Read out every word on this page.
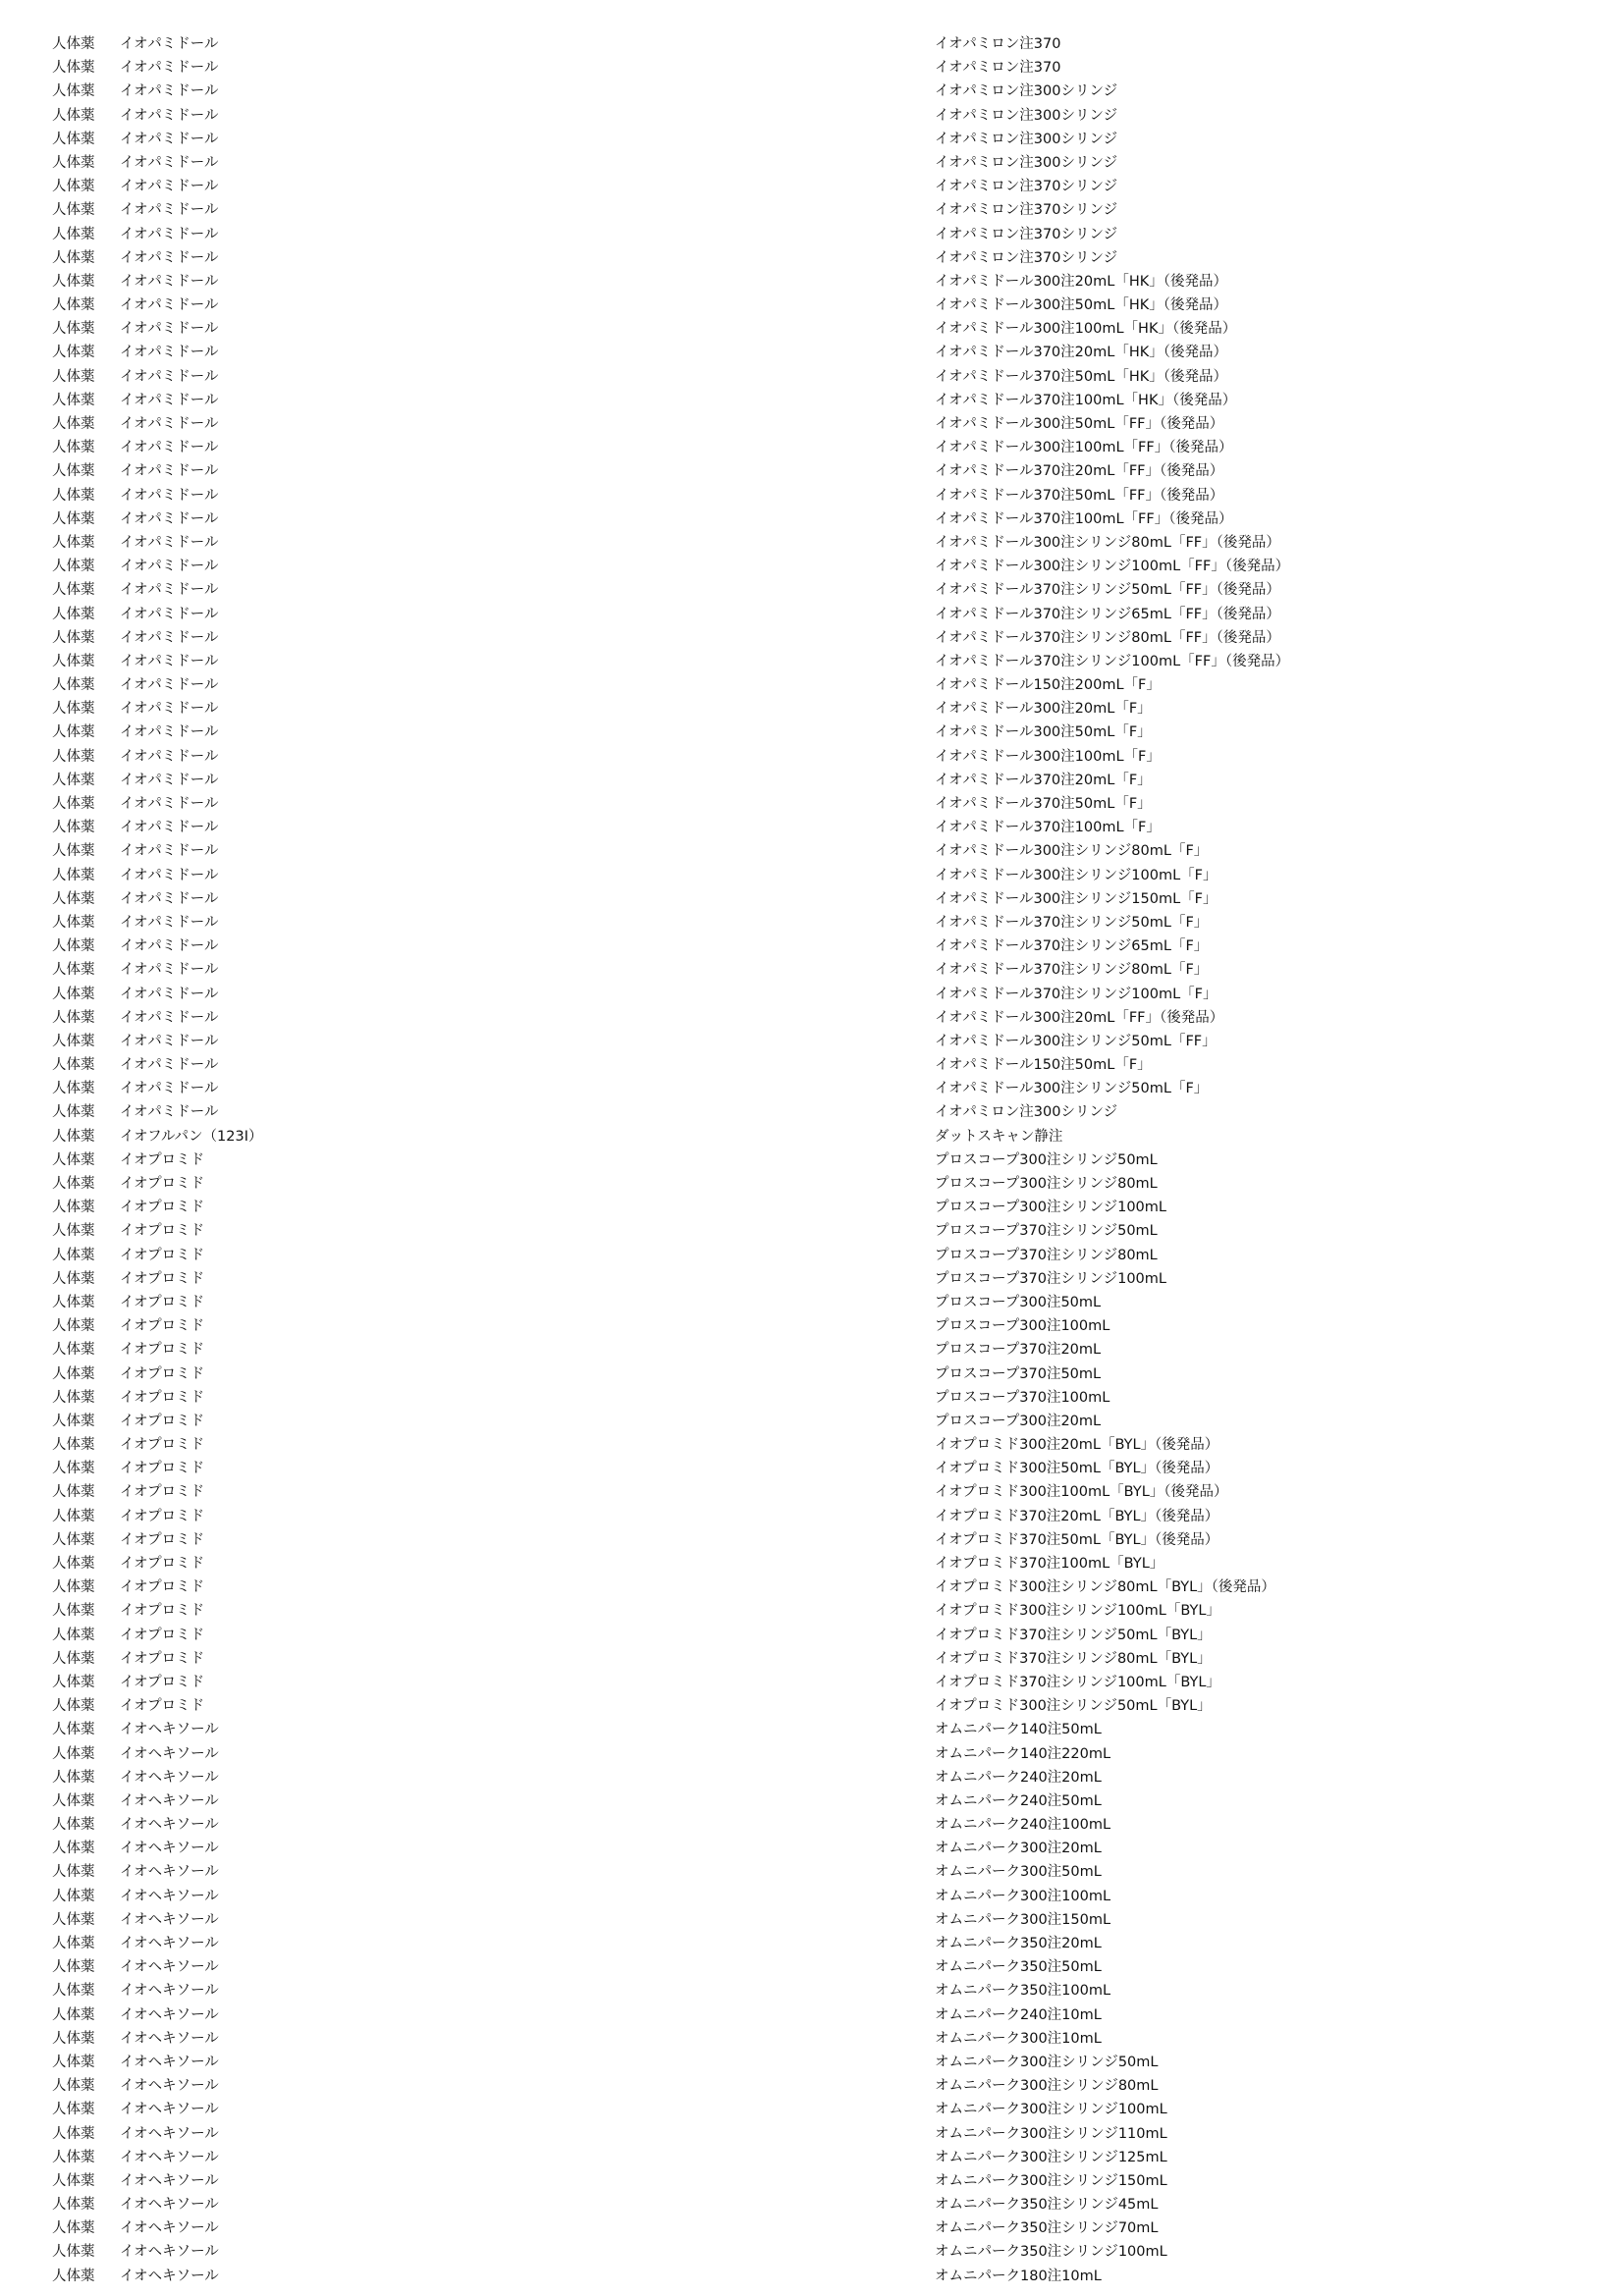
人体薬 イオパミドール	イオパミロン注370
人体薬 イオパミドール	イオパミロン注370
人体薬 イオパミドール	イオパミロン注300シリンジ
人体薬 イオパミドール	イオパミロン注300シリンジ
人体薬 イオパミドール	イオパミロン注300シリンジ
人体薬 イオパミドール	イオパミロン注300シリンジ
人体薬 イオパミドール	イオパミロン注370シリンジ
人体薬 イオパミドール	イオパミロン注370シリンジ
人体薬 イオパミドール	イオパミロン注370シリンジ
人体薬 イオパミドール	イオパミロン注370シリンジ
人体薬 イオパミドール	イオパミドール300注20mL「HK」（後発品）
人体薬 イオパミドール	イオパミドール300注50mL「HK」（後発品）
人体薬 イオパミドール	イオパミドール300注100mL「HK」（後発品）
人体薬 イオパミドール	イオパミドール370注20mL「HK」（後発品）
人体薬 イオパミドール	イオパミドール370注50mL「HK」（後発品）
人体薬 イオパミドール	イオパミドール370注100mL「HK」（後発品）
人体薬 イオパミドール	イオパミドール300注50mL「FF」（後発品）
人体薬 イオパミドール	イオパミドール300注100mL「FF」（後発品）
人体薬 イオパミドール	イオパミドール370注20mL「FF」（後発品）
人体薬 イオパミドール	イオパミドール370注50mL「FF」（後発品）
人体薬 イオパミドール	イオパミドール370注100mL「FF」（後発品）
人体薬 イオパミドール	イオパミドール300注シリンジ80mL「FF」（後発品）
人体薬 イオパミドール	イオパミドール300注シリンジ100mL「FF」（後発品）
人体薬 イオパミドール	イオパミドール370注シリンジ50mL「FF」（後発品）
人体薬 イオパミドール	イオパミドール370注シリンジ65mL「FF」（後発品）
人体薬 イオパミドール	イオパミドール370注シリンジ80mL「FF」（後発品）
人体薬 イオパミドール	イオパミドール370注シリンジ100mL「FF」（後発品）
人体薬 イオパミドール	イオパミドール150注200mL「F」
人体薬 イオパミドール	イオパミドール300注20mL「F」
人体薬 イオパミドール	イオパミドール300注50mL「F」
人体薬 イオパミドール	イオパミドール300注100mL「F」
人体薬 イオパミドール	イオパミドール370注20mL「F」
人体薬 イオパミドール	イオパミドール370注50mL「F」
人体薬 イオパミドール	イオパミドール370注100mL「F」
人体薬 イオパミドール	イオパミドール300注シリンジ80mL「F」
人体薬 イオパミドール	イオパミドール300注シリンジ100mL「F」
人体薬 イオパミドール	イオパミドール300注シリンジ150mL「F」
人体薬 イオパミドール	イオパミドール370注シリンジ50mL「F」
人体薬 イオパミドール	イオパミドール370注シリンジ65mL「F」
人体薬 イオパミドール	イオパミドール370注シリンジ80mL「F」
人体薬 イオパミドール	イオパミドール370注シリンジ100mL「F」
人体薬 イオパミドール	イオパミドール300注20mL「FF」（後発品）
人体薬 イオパミドール	イオパミドール300注シリンジ50mL「FF」
人体薬 イオパミドール	イオパミドール150注50mL「F」
人体薬 イオパミドール	イオパミドール300注シリンジ50mL「F」
人体薬 イオパミドール	イオパミロン注300シリンジ
人体薬 イオフルパン（123I）	ダットスキャン静注
人体薬 イオプロミド	プロスコープ300注シリンジ50mL
人体薬 イオプロミド	プロスコープ300注シリンジ80mL
人体薬 イオプロミド	プロスコープ300注シリンジ100mL
人体薬 イオプロミド	プロスコープ370注シリンジ50mL
人体薬 イオプロミド	プロスコープ370注シリンジ80mL
人体薬 イオプロミド	プロスコープ370注シリンジ100mL
人体薬 イオプロミド	プロスコープ300注50mL
人体薬 イオプロミド	プロスコープ300注100mL
人体薬 イオプロミド	プロスコープ370注20mL
人体薬 イオプロミド	プロスコープ370注50mL
人体薬 イオプロミド	プロスコープ370注100mL
人体薬 イオプロミド	プロスコープ300注20mL
人体薬 イオプロミド	イオプロミド300注20mL「BYL」（後発品）
人体薬 イオプロミド	イオプロミド300注50mL「BYL」（後発品）
人体薬 イオプロミド	イオプロミド300注100mL「BYL」（後発品）
人体薬 イオプロミド	イオプロミド370注20mL「BYL」（後発品）
人体薬 イオプロミド	イオプロミド370注50mL「BYL」（後発品）
人体薬 イオプロミド	イオプロミド370注100mL「BYL」
人体薬 イオプロミド	イオプロミド300注シリンジ80mL「BYL」（後発品）
人体薬 イオプロミド	イオプロミド300注シリンジ100mL「BYL」
人体薬 イオプロミド	イオプロミド370注シリンジ50mL「BYL」
人体薬 イオプロミド	イオプロミド370注シリンジ80mL「BYL」
人体薬 イオプロミド	イオプロミド370注シリンジ100mL「BYL」
人体薬 イオプロミド	イオプロミド300注シリンジ50mL「BYL」
人体薬 イオヘキソール	オムニパーク140注50mL
人体薬 イオヘキソール	オムニパーク140注220mL
人体薬 イオヘキソール	オムニパーク240注20mL
人体薬 イオヘキソール	オムニパーク240注50mL
人体薬 イオヘキソール	オムニパーク240注100mL
人体薬 イオヘキソール	オムニパーク300注20mL
人体薬 イオヘキソール	オムニパーク300注50mL
人体薬 イオヘキソール	オムニパーク300注100mL
人体薬 イオヘキソール	オムニパーク300注150mL
人体薬 イオヘキソール	オムニパーク350注20mL
人体薬 イオヘキソール	オムニパーク350注50mL
人体薬 イオヘキソール	オムニパーク350注100mL
人体薬 イオヘキソール	オムニパーク240注10mL
人体薬 イオヘキソール	オムニパーク300注10mL
人体薬 イオヘキソール	オムニパーク300注シリンジ50mL
人体薬 イオヘキソール	オムニパーク300注シリンジ80mL
人体薬 イオヘキソール	オムニパーク300注シリンジ100mL
人体薬 イオヘキソール	オムニパーク300注シリンジ110mL
人体薬 イオヘキソール	オムニパーク300注シリンジ125mL
人体薬 イオヘキソール	オムニパーク300注シリンジ150mL
人体薬 イオヘキソール	オムニパーク350注シリンジ45mL
人体薬 イオヘキソール	オムニパーク350注シリンジ70mL
人体薬 イオヘキソール	オムニパーク350注シリンジ100mL
人体薬 イオヘキソール	オムニパーク180注10mL
